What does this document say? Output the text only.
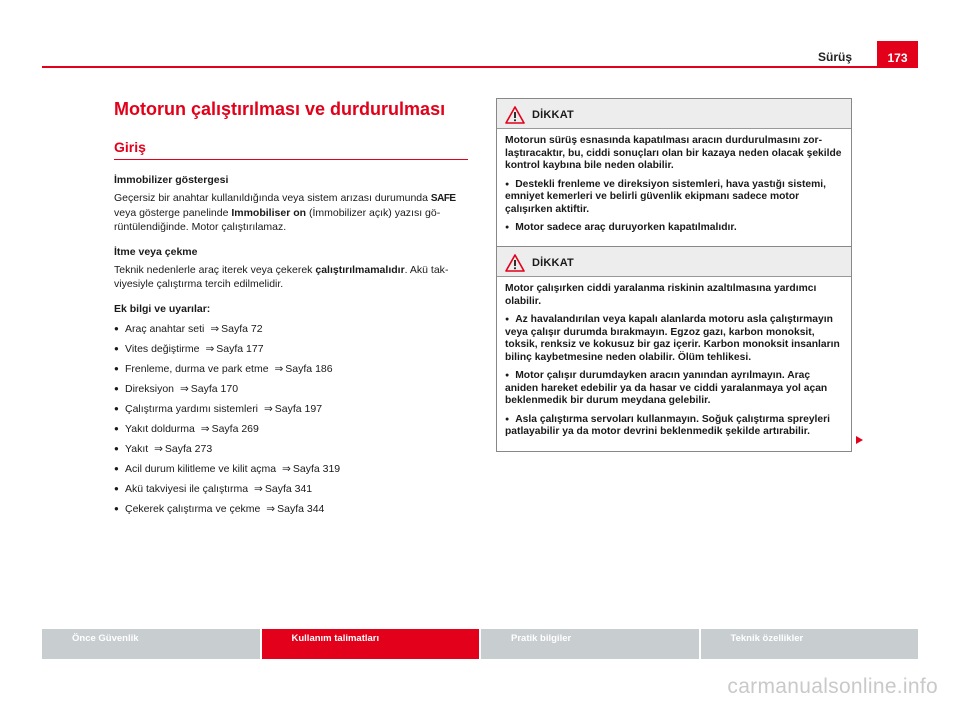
Sürüş	173
Motorun çalıştırılması ve durdurulması
Giriş
İmmobilizer göstergesi

Geçersiz bir anahtar kullanıldığında veya sistem arızası durumunda SAFE veya gösterge panelinde Immobiliser on (İmmobilizer açık) yazısı görüntülendiğinde. Motor çalıştırılamaz.

İtme veya çekme

Teknik nedenlerle araç iterek veya çekerek çalıştırılmamalıdır. Akü takviyesiyle çalıştırma tercih edilmelidir.

Ek bilgi ve uyarılar:
● Araç anahtar seti ⇒ Sayfa 72
● Vites değiştirme ⇒ Sayfa 177
● Frenleme, durma ve park etme ⇒ Sayfa 186
● Direksiyon ⇒ Sayfa 170
● Çalıştırma yardımı sistemleri ⇒ Sayfa 197
● Yakıt doldurma ⇒ Sayfa 269
● Yakıt ⇒ Sayfa 273
● Acil durum kilitleme ve kilit açma ⇒ Sayfa 319
● Akü takviyesi ile çalıştırma ⇒ Sayfa 341
● Çekerek çalıştırma ve çekme ⇒ Sayfa 344
DİKKAT

Motorun sürüş esnasında kapatılması aracın durdurulmasını zorlaştıracaktır, bu, ciddi sonuçları olan bir kazaya neden olacak şekilde kontrol kaybına bile neden olabilir.

● Destekli frenleme ve direksiyon sistemleri, hava yastığı sistemi, emniyet kemerleri ve belirli güvenlik ekipmanı sadece motor çalışırken aktiftir.

● Motor sadece araç duruyorken kapatılmalıdır.

DİKKAT

Motor çalışırken ciddi yaralanma riskinin azaltılmasına yardımcı olabilir.

● Az havalandırılan veya kapalı alanlarda motoru asla çalıştırmayın veya çalışır durumda bırakmayın. Egzoz gazı, karbon monoksit, toksik, renksiz ve kokusuz bir gaz içerir. Karbon monoksit insanların bilinç kaybetmesine neden olabilir. Ölüm tehlikesi.

● Motor çalışır durumdayken aracın yanından ayrılmayın. Araç aniden hareket edebilir ya da hasar ve ciddi yaralanmaya yol açan beklenmedik bir durum meydana gelebilir.

● Asla çalıştırma servoları kullanmayın. Soğuk çalıştırma spreyleri patlayabilir ya da motor devrini beklenmedik şekilde artırabilir.

Önce Güvenlik	Kullanım talimatları	Pratik bilgiler	Teknik özellikler
carmanualsonline.info
